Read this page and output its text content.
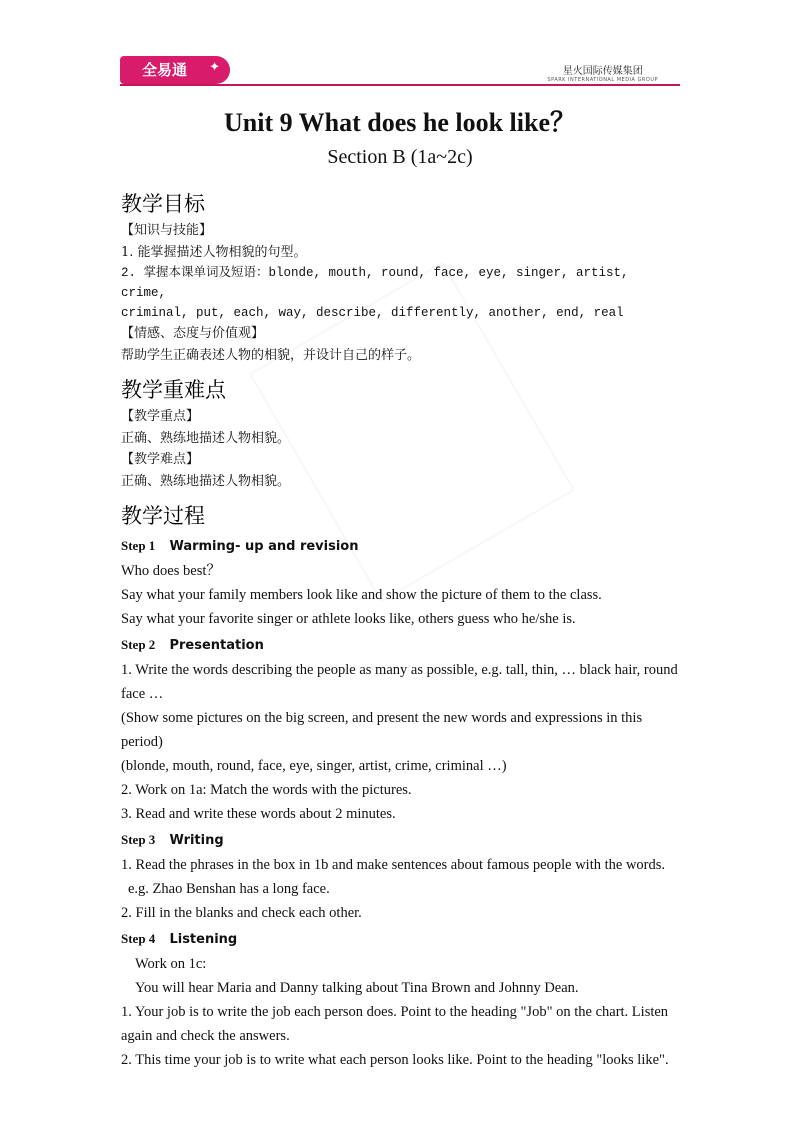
全易通 ✦	星火国际传媒集团
SPARK INTERNATIONAL MEDIA GROUP
Unit 9 What does he look like？
Section B (1a~2c)
教学目标

【知识与技能】

1. 能掌握描述人物相貌的句型。

2. 掌握本课单词及短语：blonde, mouth, round, face, eye, singer, artist, crime,

criminal, put, each, way, describe, differently, another, end, real

【情感、态度与价值观】

帮助学生正确表述人物的相貌，并设计自己的样子。

教学重难点

【教学重点】

正确、熟练地描述人物相貌。

【教学难点】

正确、熟练地描述人物相貌。

教学过程
Step 1 Warming- up and revision

Who does best？

Say what your family members look like and show the picture of them to the class.

Say what your favorite singer or athlete looks like, others guess who he/she is.

Step 2 Presentation

1. Write the words describing the people as many as possible, e.g. tall, thin, … black hair, round

face …

(Show some pictures on the big screen, and present the new words and expressions in this period)

(blonde, mouth, round, face, eye, singer, artist, crime, criminal …)

2. Work on 1a: Match the words with the pictures.

3. Read and write these words about 2 minutes.

Step 3 Writing

1. Read the phrases in the box in 1b and make sentences about famous people with the words.

e.g. Zhao Benshan has a long face.

2. Fill in the blanks and check each other.

Step 4 Listening

Work on 1c:

You will hear Maria and Danny talking about Tina Brown and Johnny Dean.

1. Your job is to write the job each person does. Point to the heading "Job" on the chart. Listen

again and check the answers.

2. This time your job is to write what each person looks like. Point to the heading "looks like".
